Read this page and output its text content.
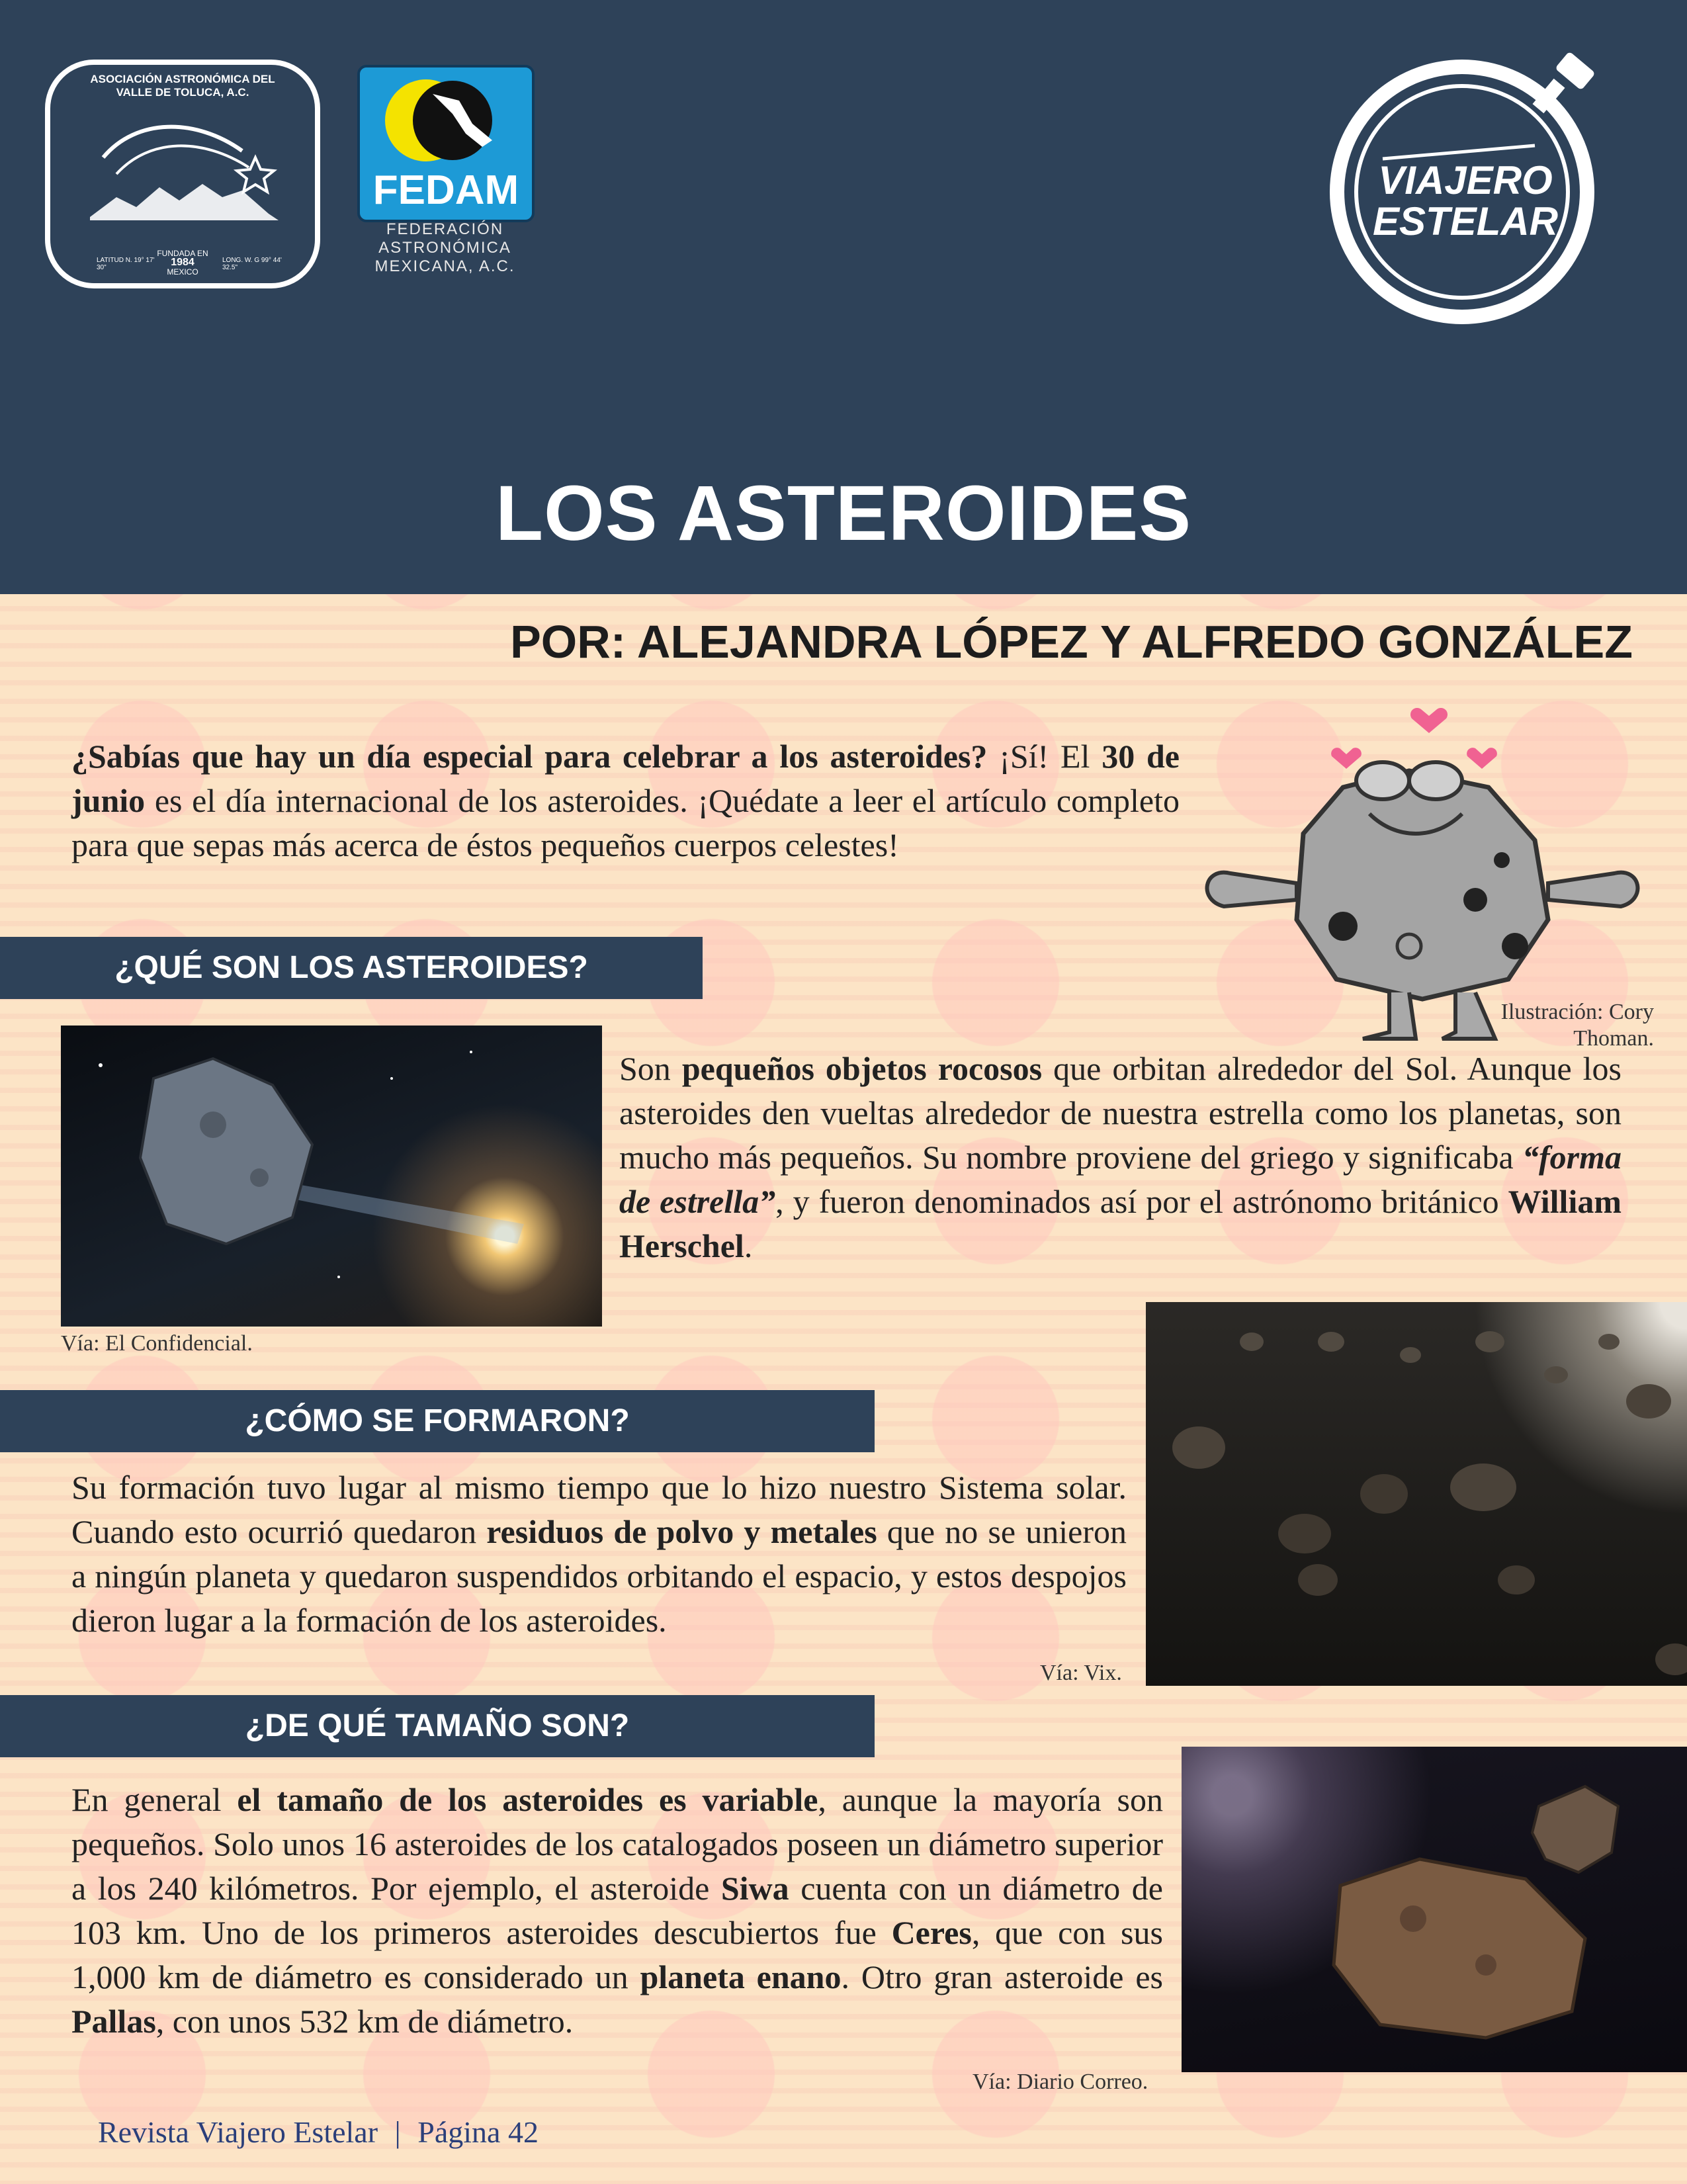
ASOCIACIÓN ASTRONÓMICA DEL VALLE DE TOLUCA, A.C.
FUNDADA EN
1984
MEXICO
LATITUD N. 19° 17' 30"
LONG. W. G 99° 44' 32.5"
FEDAM
FEDERACIÓN
ASTRONÓMICA
MEXICANA, A.C.
VIAJERO
ESTELAR
LOS ASTEROIDES
POR: ALEJANDRA LÓPEZ Y ALFREDO GONZÁLEZ
¿Sabías que hay un día especial para celebrar a los asteroides? ¡Sí! El 30 de junio es el día internacional de los asteroides. ¡Quédate a leer el artículo completo para que sepas más acerca de éstos pequeños cuerpos celestes!
Ilustración: Cory Thoman.
¿QUÉ SON LOS ASTEROIDES?
Vía: El Confidencial.
Son pequeños objetos rocosos que orbitan alrededor del Sol. Aunque los asteroides den vueltas alrededor de nuestra estrella como los planetas, son mucho más pequeños. Su nombre proviene del griego y significaba “forma de estrella”, y fueron denominados así por el astrónomo británico William Herschel.
¿CÓMO SE FORMARON?
Su formación tuvo lugar al mismo tiempo que lo hizo nuestro Sistema solar. Cuando esto ocurrió quedaron residuos de polvo y metales que no se unieron a ningún planeta y quedaron suspendidos orbitando el espacio, y estos despojos dieron lugar a la formación de los asteroides.
Vía: Vix.
¿DE QUÉ TAMAÑO SON?
En general el tamaño de los asteroides es variable, aunque la mayoría son pequeños. Solo unos 16 asteroides de los catalogados poseen un diámetro superior a los 240 kilómetros. Por ejemplo, el asteroide Siwa cuenta con un diámetro de 103 km. Uno de los primeros asteroides descubiertos fue Ceres, que con sus 1,000 km de diámetro es considerado un planeta enano. Otro gran asteroide es Pallas, con unos 532 km de diámetro.
Vía: Diario Correo.
Revista Viajero Estelar | Página 42
